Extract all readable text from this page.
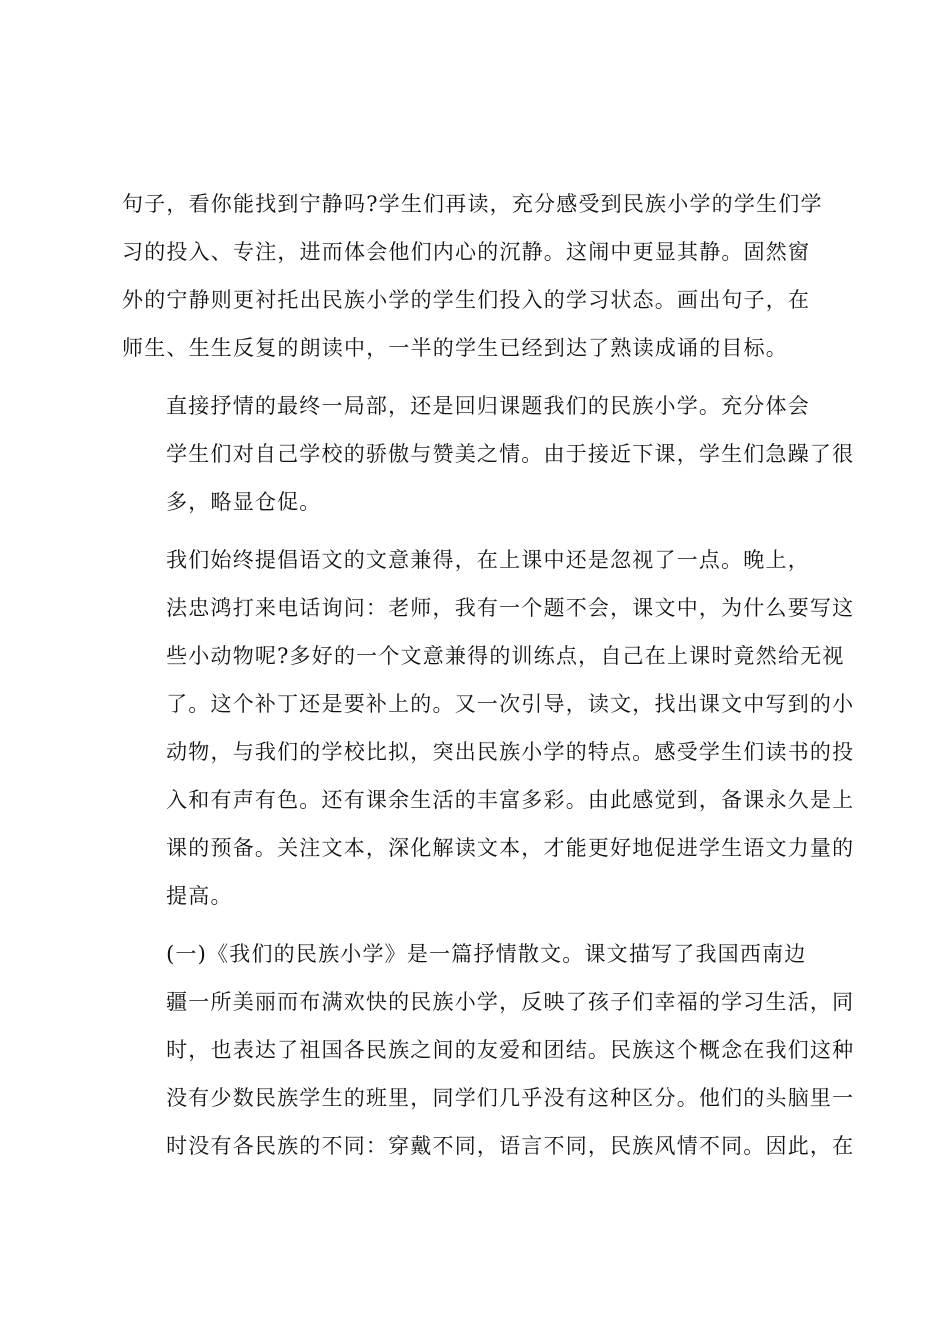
句子，看你能找到宁静吗?学生们再读，充分感受到民族小学的学生们学
习的投入、专注，进而体会他们内心的沉静。这闹中更显其静。固然窗
外的宁静则更衬托出民族小学的学生们投入的学习状态。画出句子，在
师生、生生反复的朗读中，一半的学生已经到达了熟读成诵的目标。

直接抒情的最终一局部，还是回归课题我们的民族小学。充分体会
学生们对自己学校的骄傲与赞美之情。由于接近下课，学生们急躁了很
多，略显仓促。

我们始终提倡语文的文意兼得，在上课中还是忽视了一点。晚上，
法忠鸿打来电话询问：老师，我有一个题不会，课文中，为什么要写这
些小动物呢?多好的一个文意兼得的训练点，自己在上课时竟然给无视
了。这个补丁还是要补上的。又一次引导，读文，找出课文中写到的小
动物，与我们的学校比拟，突出民族小学的特点。感受学生们读书的投
入和有声有色。还有课余生活的丰富多彩。由此感觉到，备课永久是上
课的预备。关注文本，深化解读文本，才能更好地促进学生语文力量的
提高。

(一)《我们的民族小学》是一篇抒情散文。课文描写了我国西南边
疆一所美丽而布满欢快的民族小学，反映了孩子们幸福的学习生活，同
时，也表达了祖国各民族之间的友爱和团结。民族这个概念在我们这种
没有少数民族学生的班里，同学们几乎没有这种区分。他们的头脑里一
时没有各民族的不同：穿戴不同，语言不同，民族风情不同。因此，在
